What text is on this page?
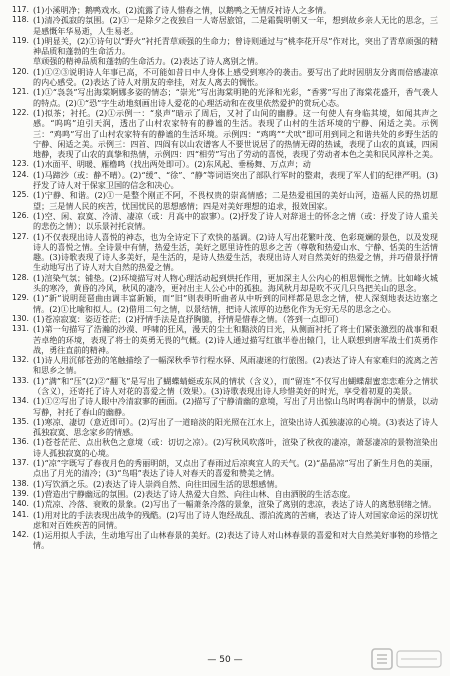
117. (1)小溪明净；鹅鸭戏水。(2)流露了诗人惜春之情，以鹅鸭之无情反衬诗人之多情。
118. (1)清冷孤寂的氛围。(2)①一是除夕之夜独自一人寄居旅馆，二是霜鬓明朝又一年，想到故乡亲人无比的思念，三是感慨年华易逝，人生易老。
119. (1)明显关，(2)①诗句以“野火”衬托青草顽强的生命力；曾诗则通过与“桃李花开尽”作对比，突出了青草顽强的精神品质和蓬勃的生命活力。
草顽强的精神品质和蓬勃的生命活力。(2)表达了诗人离别之情。
120. (1)①②③说明诗人年事已高，不可能如昔日中人身体上感受到寒冷的袭击。要写出了此时因朋友分离而倍感凄凉的内心感受。(2)表达了诗人对朋友的牵挂，对友人离去的惆怅。
121. (1)①“袅袅”写出海棠婀娜多姿的情态；“崇光”写出海棠明艳的光泽和光彩，“香雾”写出了海棠花盛开，香气袭人的特点。(2)①“恐”字生动地刻画出诗人爱花的心理活动和在夜里依然爱护的赏玩心态。
122. (1)拟茶；衬托。(2)①示例一：“泉声”暗示了周后，又衬了山间的幽静。这一句使人有身临其境，如闻其声之感。“呜呜”迫引天润，透出了山村农家特有的静谧的生活。表现了山村的生活环境的宁静、闲适之美。示例三：“鸡鸣”写出了山村农家特有的静谧的生活环境。示例四：“鸡鸣”“犬吠”即可用到同之和谐共处的乡野生活的宁静、闲适之美。示例三：四首、四阎有以山农谱客人不要世说居了的热情无碍的热诚，表现了山农的真诚，四闲地静，表现了山农的真挚和热情，示例四：四“相劳”写出了劳动的喜悦，表现了劳动者本色之美和民风淳朴之美。
123. (1)水面平、明暖、雁橹鸣（找出两处即可）。(2)东风起、垂杨舞、万点声；动
124. (1)马蹄沙（或：静不晴）。(2)“缓”、“徐”、“静”等词语突出了部队行军时的整肃，表现了军人们的纪律严明。(3)抒发了诗人对于保家卫国的信念和决心。
125. (1)宁静、和谐。(2)①一是整个刚正不阿，不畏权贵的崇高情感；二是热爱祖国的美好山河，造福人民的热切愿望；三是情人民的疾苦，忧国忧民的思想感情；四是对美好理想的追求，报效国家。
126. (1)空、闲、寂寞、冷清、凄凉（或：月高中的寂寥）。(2)抒发了诗人对辞退士的怀念之情（或：抒发了诗人重关的悲伤之情）；以乐景衬托哀情。
127. (1)不仅表现出诗人喜悦的神态，也为全诗定下了欢快的基调。(2)诗人写出花繁叶茂、色彩斑斓的景色，以及发现诗人的喜悦之情。全诗景中有情，热爱生活，美好之愿里诗性的思乡之苦（尊敬和热爱山水、宁静、恬美的生活情趣。(3)诗歌表现了诗人多美好，是生活的，是诗人热爱生活，表现出诗人对自然美好的热爱之情，并巧借景抒情生动地写出了诗人对大自然的热爱之情。
128. (1)渲染气氛；铺垫。(2)环境描写对人物心理活动起到烘托作用，更加深主人公内心的相思惆怅之情。比如峰火城头的寒冷，黄昏的冷风，秋风的凄冷，更衬出主人公心中的孤独。海风秋月却是吹不灭几只鸟把关山的思念。
129. (1)“新”说明琵琶曲由调丰富新颖，而“旧”则表明听曲者从中听到的同样都是思念之情，使人深刻地表达边塞之情。(2)①比喻和拟人。(2)借用二句之情，以景结情，把诗人浓厚的边愁化作为无穷无尽的思念之心。
130. (1)苍凉寂寞：姿迈苍茫；(2)抒情手法是直抒胸臆，抒情是惜春之情。（答到一点即可）
131. (1)第一句描写了浩瀚的沙漠、呼啸的狂风，漫天的尘土和黯淡的日光，从侧面衬托了将士们紧张激烈的战事和艰苦卓绝的环境，表现了将士的英勇无畏的气概。(2)诗人通过描写红旗半卷出辕门，让人联想到唐军战士们英勇作战，勇往直前的精神。
132. (1)诗人用沉郁苍劲的笔触描绘了一幅深秋季节行程水驿、风雨凄迷的行旅图。(2)表达了诗人有家难归的流离之苦和思乡之情。
133. (1)“满”和“压”(2)②“翻飞”是写出了蝴蝶蜻蜓或东风的情状（含义），而“留连”不仅写出蝴蝶甜蜜恋恋难分之情状（含义），还寄托了诗人对花的喜爱之情（效果）。(3)诗歌表现出诗人珍惜美好的时光，享受着初夏的美景。
134. (1)①②写出了诗人眼中冷清寂寥的画面。(2)描写了宁静清幽的意境，写出了月出惊山鸟时鸣春涧中的情景，以动写静，衬托了春山的幽静。
135. (1)寒凉、凄切（意近即可）。(2)写出了一道暗淡的阳光照在江水上，渲染出诗人孤独凄凉的心境。(3)表达了诗人孤独寂寞、思念家乡的情感。
136. (1)苍苍茫茫、点出秋色之意境（或：切切之凉）。(2)写秋风吹落叶，渲染了秋夜的凄凉，萧瑟凄凉的景物渲染出诗人孤独寂寞的心境。
137. (1)“凉”字既写了春夜月色的秀丽明朗，又点出了春雨过后凉爽宜人的天气。(2)“晶晶凉”写出了新生月色的美丽，点出了月光的清冷；(3)“鸟唱”表达了诗人对春天的喜爱和赞美之情。
138. (1)写饮酒之乐。(2)表达了诗人崇尚自然、向往田园生活的思想感情。
139. (1)营造出宁静幽远的氛围。(2)表达了诗人热爱大自然、向往山林、自由洒脱的生活态度。
140. (1)荒凉、冷落、衰败的景象。(2)写出了一幅萧条冷落的景象，渲染了离别的悲凉，表达了诗人的离愁别绪之情。
141. (1)用对比的手法表现出战争的残酷。(2)写出了诗人饱经战乱、漂泊流离的苦痛，表达了诗人对国家命运的深切忧虑和对百姓疾苦的同情。
142. (1)运用拟人手法，生动地写出了山林春景的美好。(2)表达了诗人对山林春景的喜爱和对大自然美好事物的珍惜之情。
— 50 —
